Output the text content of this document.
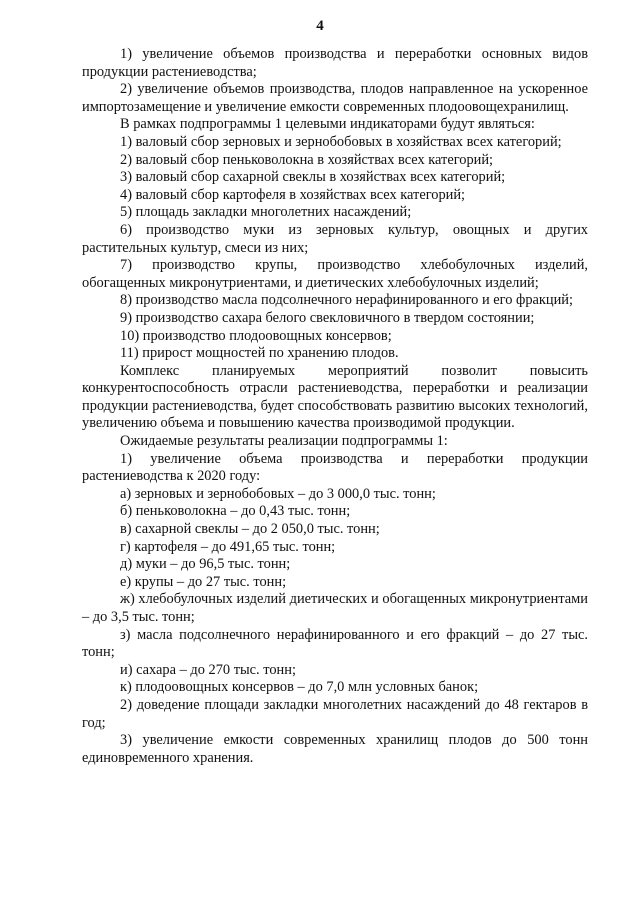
4

1) увеличение объемов производства и переработки основных видов продукции растениеводства;

2) увеличение объемов производства, плодов направленное на ускоренное импортозамещение и увеличение емкости современных плодоовощехранилищ.

В рамках подпрограммы 1 целевыми индикаторами будут являться:

1) валовый сбор зерновых и зернобобовых в хозяйствах всех категорий;

2) валовый сбор пеньковолокна в хозяйствах всех категорий;

3) валовый сбор сахарной свеклы в хозяйствах всех категорий;

4) валовый сбор картофеля в хозяйствах всех категорий;

5) площадь закладки многолетних насаждений;

6) производство муки из зерновых культур, овощных и других растительных культур, смеси из них;

7) производство крупы, производство хлебобулочных изделий, обогащенных микронутриентами, и диетических хлебобулочных изделий;

8) производство масла подсолнечного нерафинированного и его фракций;

9) производство сахара белого свекловичного в твердом состоянии;

10) производство плодоовощных консервов;

11) прирост мощностей по хранению плодов.

Комплекс планируемых мероприятий позволит повысить конкурентоспособность отрасли растениеводства, переработки и реализации продукции растениеводства, будет способствовать развитию высоких технологий, увеличению объема и повышению качества производимой продукции.

Ожидаемые результаты реализации подпрограммы 1:

1) увеличение объема производства и переработки продукции растениеводства к 2020 году:

а) зерновых и зернобобовых – до 3 000,0 тыс. тонн;

б) пеньковолокна – до 0,43 тыс. тонн;

в) сахарной свеклы – до 2 050,0 тыс. тонн;

г) картофеля – до 491,65 тыс. тонн;

д) муки – до 96,5 тыс. тонн;

е) крупы – до 27 тыс. тонн;

ж) хлебобулочных изделий диетических и обогащенных микронутриентами – до 3,5 тыс. тонн;

з) масла подсолнечного нерафинированного и его фракций – до 27 тыс. тонн;

и) сахара – до 270 тыс. тонн;

к) плодоовощных консервов – до 7,0 млн условных банок;

2) доведение площади закладки многолетних насаждений до 48 гектаров в год;

3) увеличение емкости современных хранилищ плодов до 500 тонн единовременного хранения.
